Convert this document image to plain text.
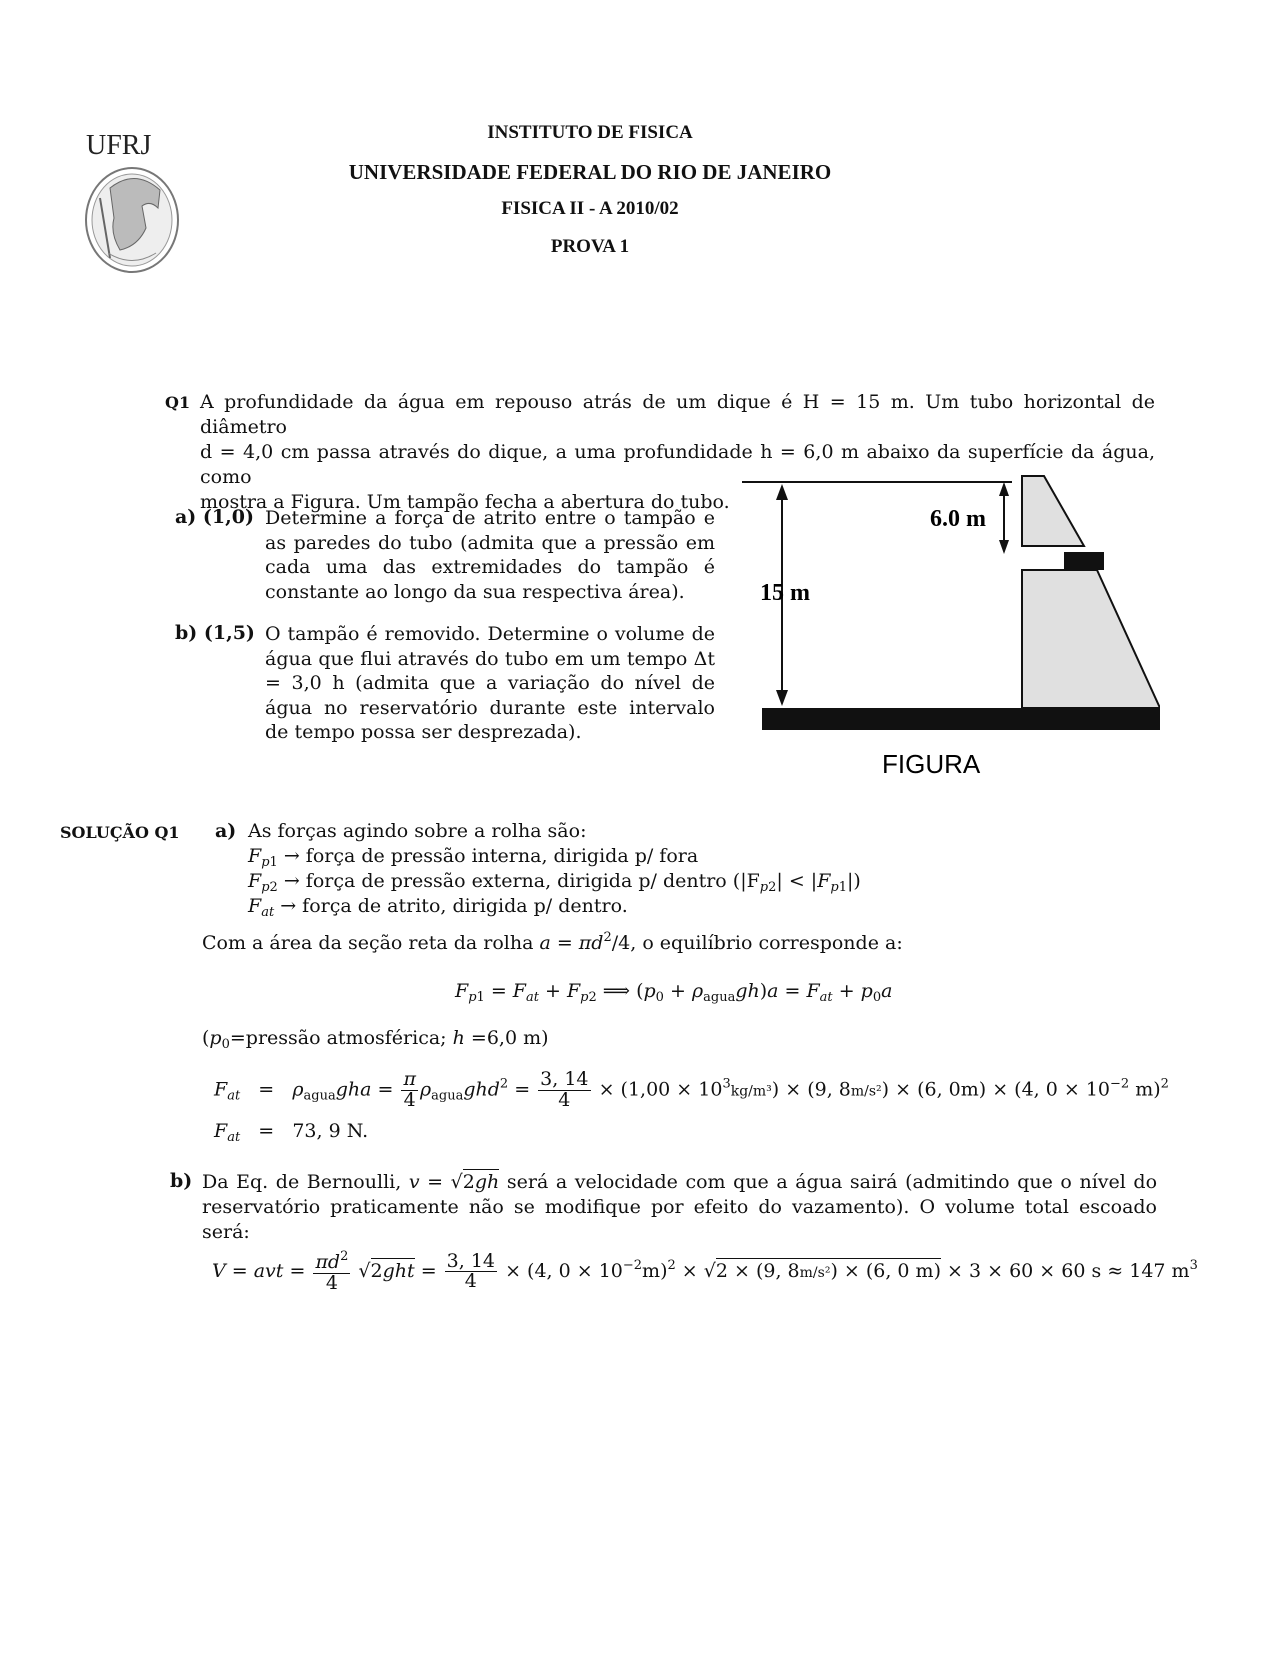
UFRJ	INSTITUTO DE FISICA
UNIVERSIDADE FEDERAL DO RIO DE JANEIRO
FISICA II - A 2010/02
PROVA 1
Q1 A profundidade da água em repouso atrás de um dique é H = 15 m. Um tubo horizontal de diâmetro
d = 4,0 cm passa através do dique, a uma profundidade h = 6,0 m abaixo da superfície da água, como
mostra a Figura. Um tampão fecha a abertura do tubo.
a) (1,0) Determine a força de atrito entre o tampão e as paredes do tubo (admita que a pressão em cada uma das extremidades do tampão é constante ao longo da sua respectiva área).
b) (1,5) O tampão é removido. Determine o volume de água que flui através do tubo em um tempo Δt = 3,0 h (admita que a variação do nível de água no reservatório durante este intervalo de tempo possa ser desprezada).
6.0 m
15 m
FIGURA
SOLUÇÃO Q1 a) As forças agindo sobre a rolha são:
$F_{p1}$ → força de pressão interna, dirigida p/ fora
$F_{p2}$ → força de pressão externa, dirigida p/ dentro $(|F_{p2}| < |F_{p1}|)$
$F_{at}$ → força de atrito, dirigida p/ dentro.
Com a área da seção reta da rolha $a = \pi d^2/4$, o equilíbrio corresponde a:
$F_{p1} = F_{at} + F_{p2}$ ⟹ $(p_0 + \rho_{agua}gh)a = F_{at} + p_0a$
($p_0=pressão$ atmosférica; h =6,0 m)
$F_{at} = \rho_{agua}gha = \frac{\pi}{4} \rho_{agua}ghd^2 = \frac{3, 14}{4} \times (1,00 \times 10^3kg/m^3) \times (9$, 8m/s²) × (6, 0m) × (4, $0 \times 10^{-2}$ m)$^2$
$F_{at} = 73$, 9 N.
b) Da Eq. de Bernoulli, v = √2gh será a velocidade com que a água sairá (admitindo que o nível do
reservatório praticamente não se modifique por efeito do vazamento). O volume total escoado será:
V = avt = $\frac{\pi d^2}{4} √2ght = \frac{3, 14}{4} \times (4$, $0 \times 10^{-2}m)^2 \times √2 \times (9$, 8m/s²) × (6, 0 m) × 3 × 60 × 60 s ≈ 147 $m^3$
